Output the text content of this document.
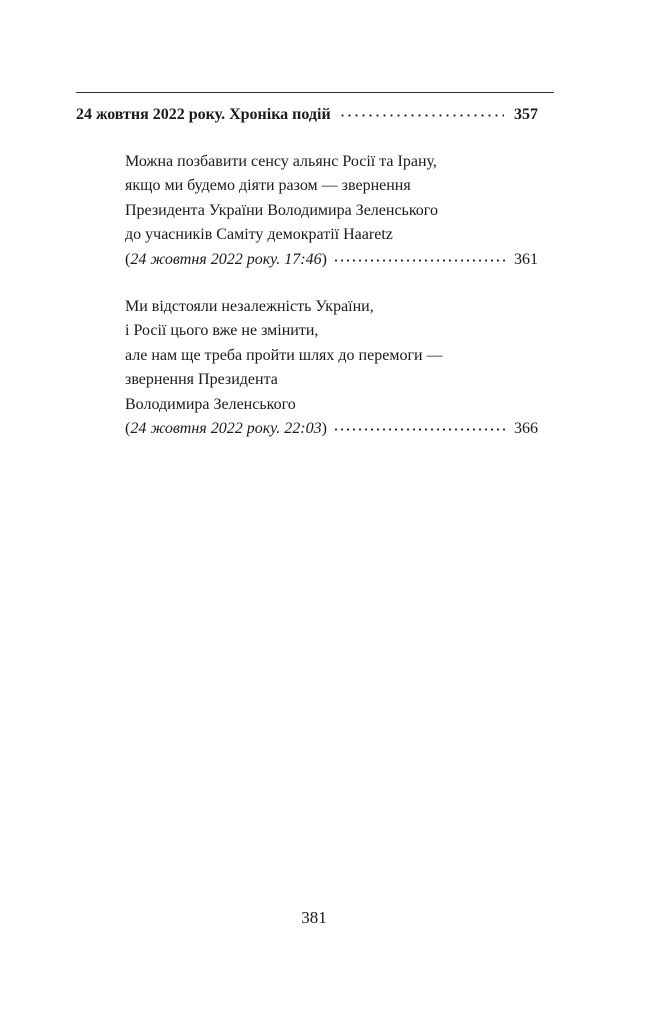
24 жовтня 2022 року. Хроніка подій	357
Можна позбавити сенсу альянс Росії та Ірану,
якщо ми будемо діяти разом — звернення
Президента України Володимира Зеленського
до учасників Саміту демократії Haaretz
(24 жовтня 2022 року. 17:46)	361
Ми відстояли незалежність України,
і Росії цього вже не змінити,
але нам ще треба пройти шлях до перемоги —
звернення Президента
Володимира Зеленського
(24 жовтня 2022 року. 22:03)	366
381
